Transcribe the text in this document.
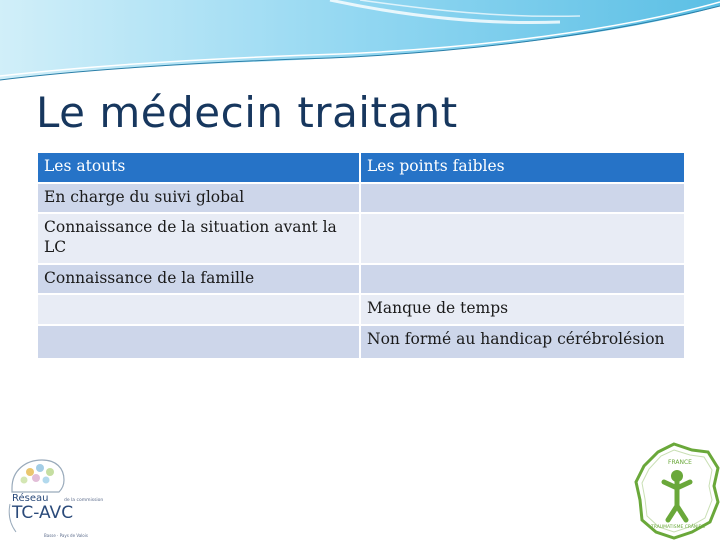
Le médecin traitant
Les atouts	Les points faibles
En charge du suivi global	
Connaissance de la situation avant la LC	
Connaissance de la famille	
	Manque de temps
	Non formé au handicap cérébrolésion
Réseau	de la commission
TC-AVC
Basse · Pays de Valois
FRANCE
TRAUMATISME CRÂNIEN
